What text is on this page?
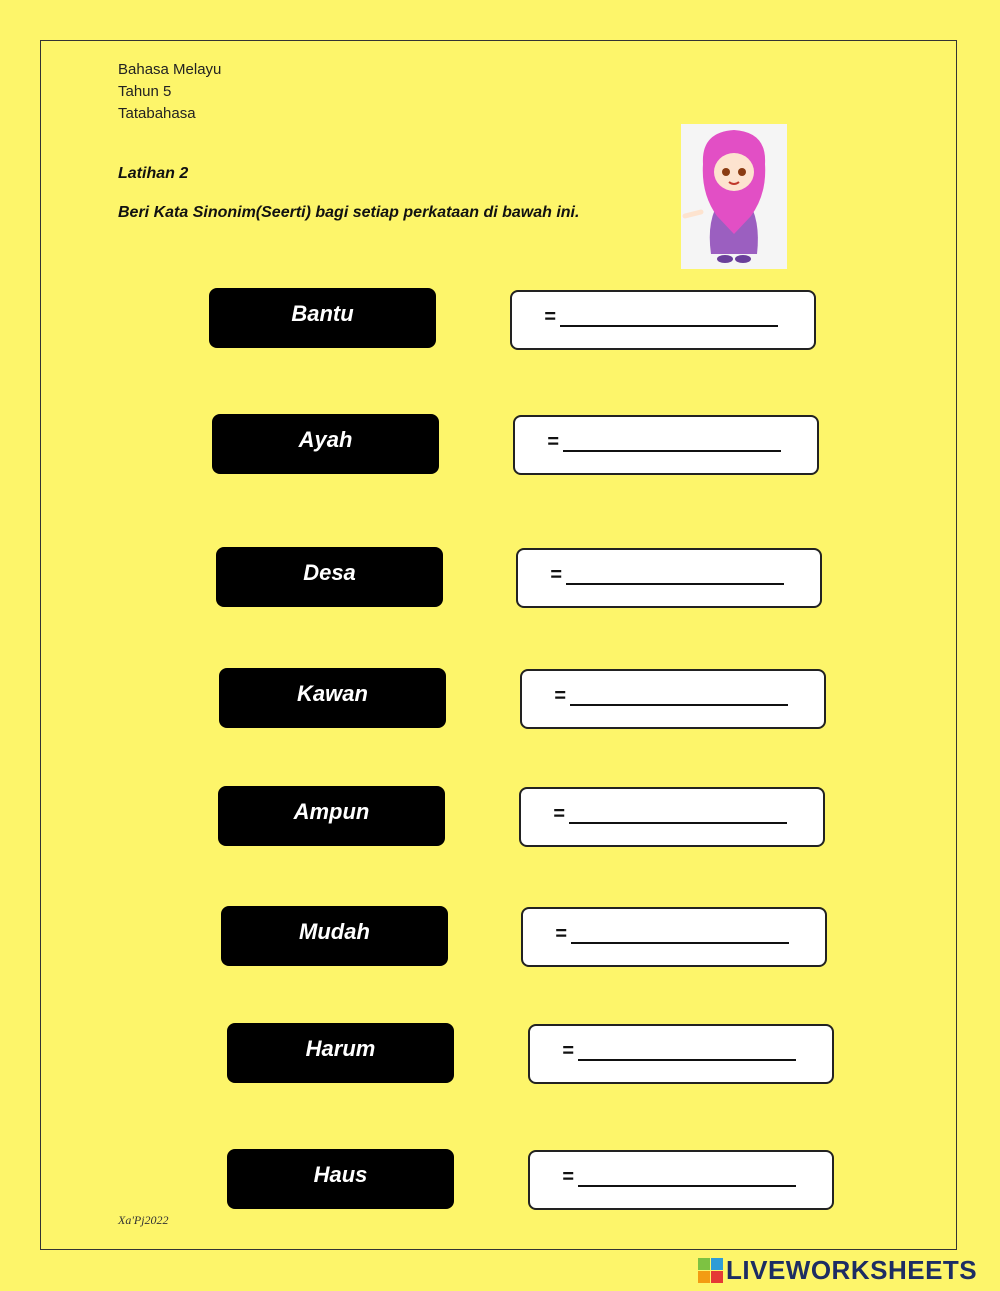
Bahasa Melayu
Tahun 5
Tatabahasa
Latihan 2
Beri Kata Sinonim(Seerti) bagi setiap perkataan di bawah ini.
Bantu	=
Ayah	=
Desa	=
Kawan	=
Ampun	=
Mudah	=
Harum	=
Haus	=
Xa'Pj2022
LIVEWORKSHEETS
